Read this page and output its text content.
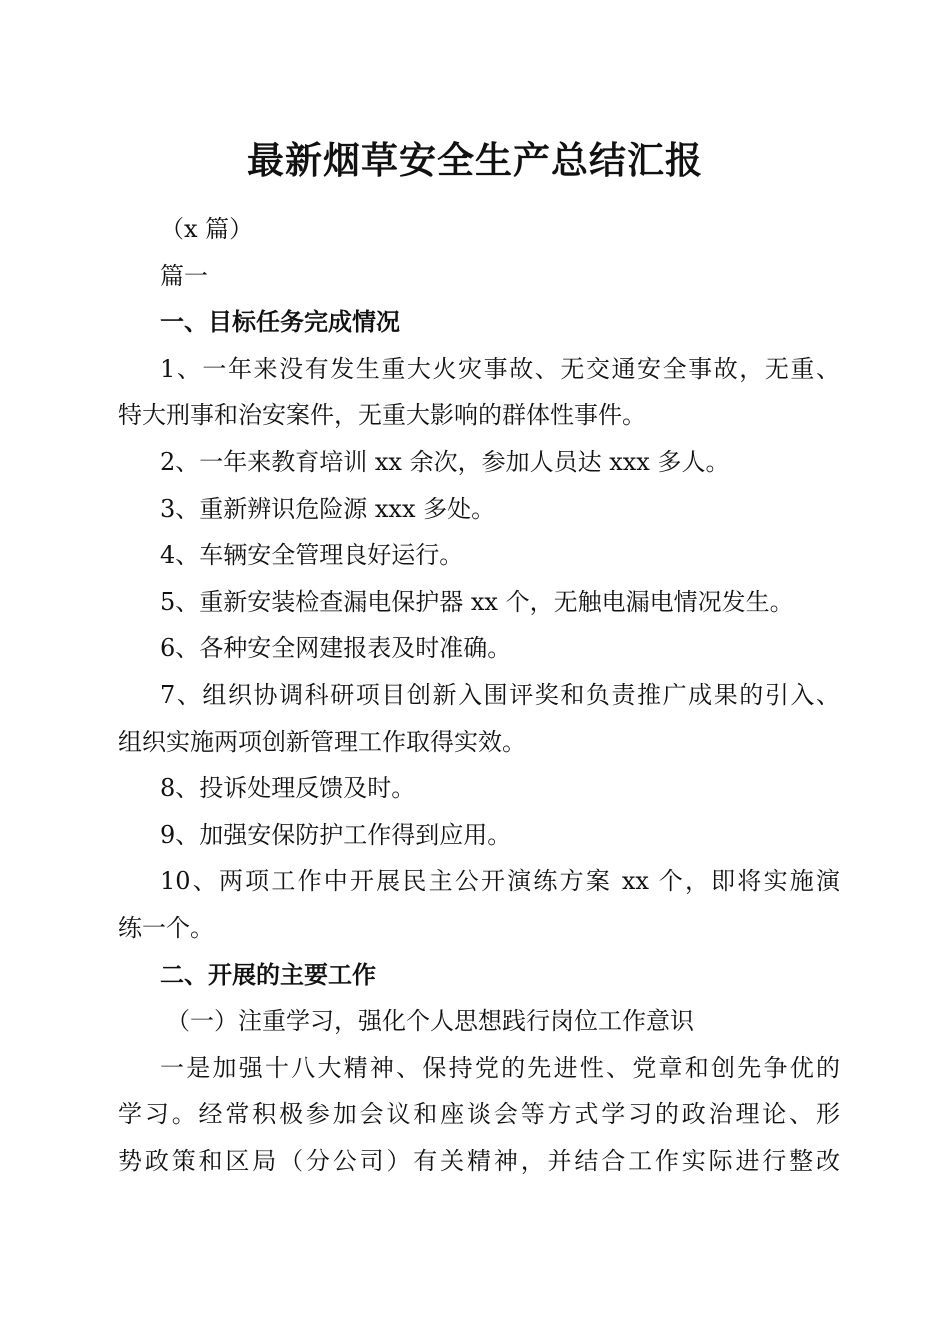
最新烟草安全生产总结汇报
（x 篇）
篇一
一、目标任务完成情况
1、一年来没有发生重大火灾事故、无交通安全事故，无重、
特大刑事和治安案件，无重大影响的群体性事件。
2、一年来教育培训 xx 余次，参加人员达 xxx 多人。
3、重新辨识危险源 xxx 多处。
4、车辆安全管理良好运行。
5、重新安装检查漏电保护器 xx 个，无触电漏电情况发生。
6、各种安全网建报表及时准确。
7、组织协调科研项目创新入围评奖和负责推广成果的引入、
组织实施两项创新管理工作取得实效。
8、投诉处理反馈及时。
9、加强安保防护工作得到应用。
10、两项工作中开展民主公开演练方案 xx 个，即将实施演
练一个。
二、开展的主要工作
（一）注重学习，强化个人思想践行岗位工作意识
一是加强十八大精神、保持党的先进性、党章和创先争优的
学习。经常积极参加会议和座谈会等方式学习的政治理论、形
势政策和区局（分公司）有关精神，并结合工作实际进行整改
